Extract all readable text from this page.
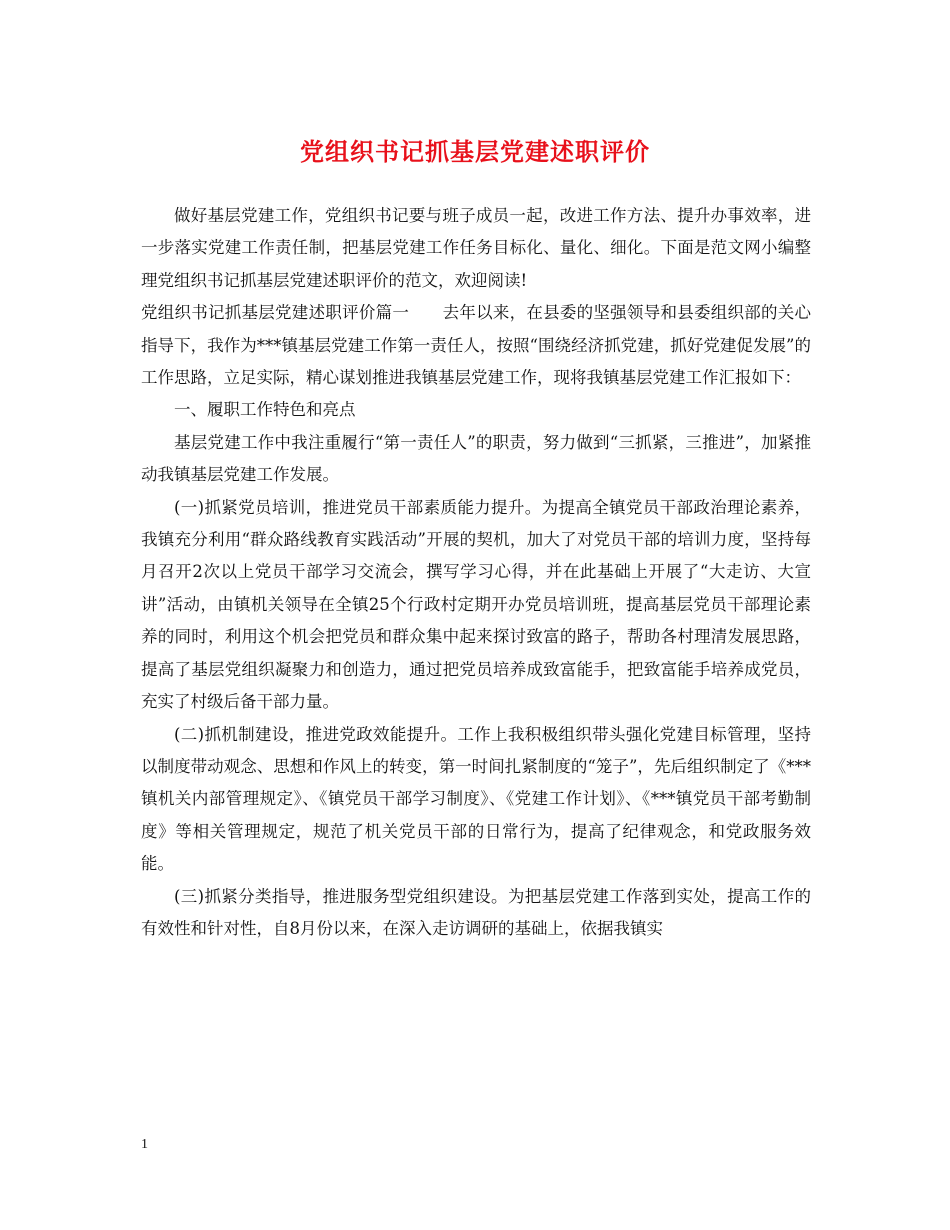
党组织书记抓基层党建述职评价

做好基层党建工作，党组织书记要与班子成员一起，改进工作方法、提升办事效率，进一步落实党建工作责任制，把基层党建工作任务目标化、量化、细化。下面是范文网小编整理党组织书记抓基层党建述职评价的范文，欢迎阅读!

党组织书记抓基层党建述职评价篇一　　去年以来，在县委的坚强领导和县委组织部的关心指导下，我作为***镇基层党建工作第一责任人，按照“围绕经济抓党建，抓好党建促发展”的工作思路，立足实际，精心谋划推进我镇基层党建工作，现将我镇基层党建工作汇报如下：

一、履职工作特色和亮点

基层党建工作中我注重履行“第一责任人”的职责，努力做到“三抓紧，三推进”，加紧推动我镇基层党建工作发展。

(一)抓紧党员培训，推进党员干部素质能力提升。为提高全镇党员干部政治理论素养，我镇充分利用“群众路线教育实践活动”开展的契机，加大了对党员干部的培训力度，坚持每月召开2次以上党员干部学习交流会，撰写学习心得，并在此基础上开展了“大走访、大宣讲”活动，由镇机关领导在全镇25个行政村定期开办党员培训班，提高基层党员干部理论素养的同时，利用这个机会把党员和群众集中起来探讨致富的路子，帮助各村理清发展思路，提高了基层党组织凝聚力和创造力，通过把党员培养成致富能手，把致富能手培养成党员，充实了村级后备干部力量。

(二)抓机制建设，推进党政效能提升。工作上我积极组织带头强化党建目标管理，坚持以制度带动观念、思想和作风上的转变，第一时间扎紧制度的“笼子”，先后组织制定了《***镇机关内部管理规定》、《镇党员干部学习制度》、《党建工作计划》、《***镇党员干部考勤制度》等相关管理规定，规范了机关党员干部的日常行为，提高了纪律观念，和党政服务效能。

(三)抓紧分类指导，推进服务型党组织建设。为把基层党建工作落到实处，提高工作的有效性和针对性，自8月份以来，在深入走访调研的基础上，依据我镇实

1
